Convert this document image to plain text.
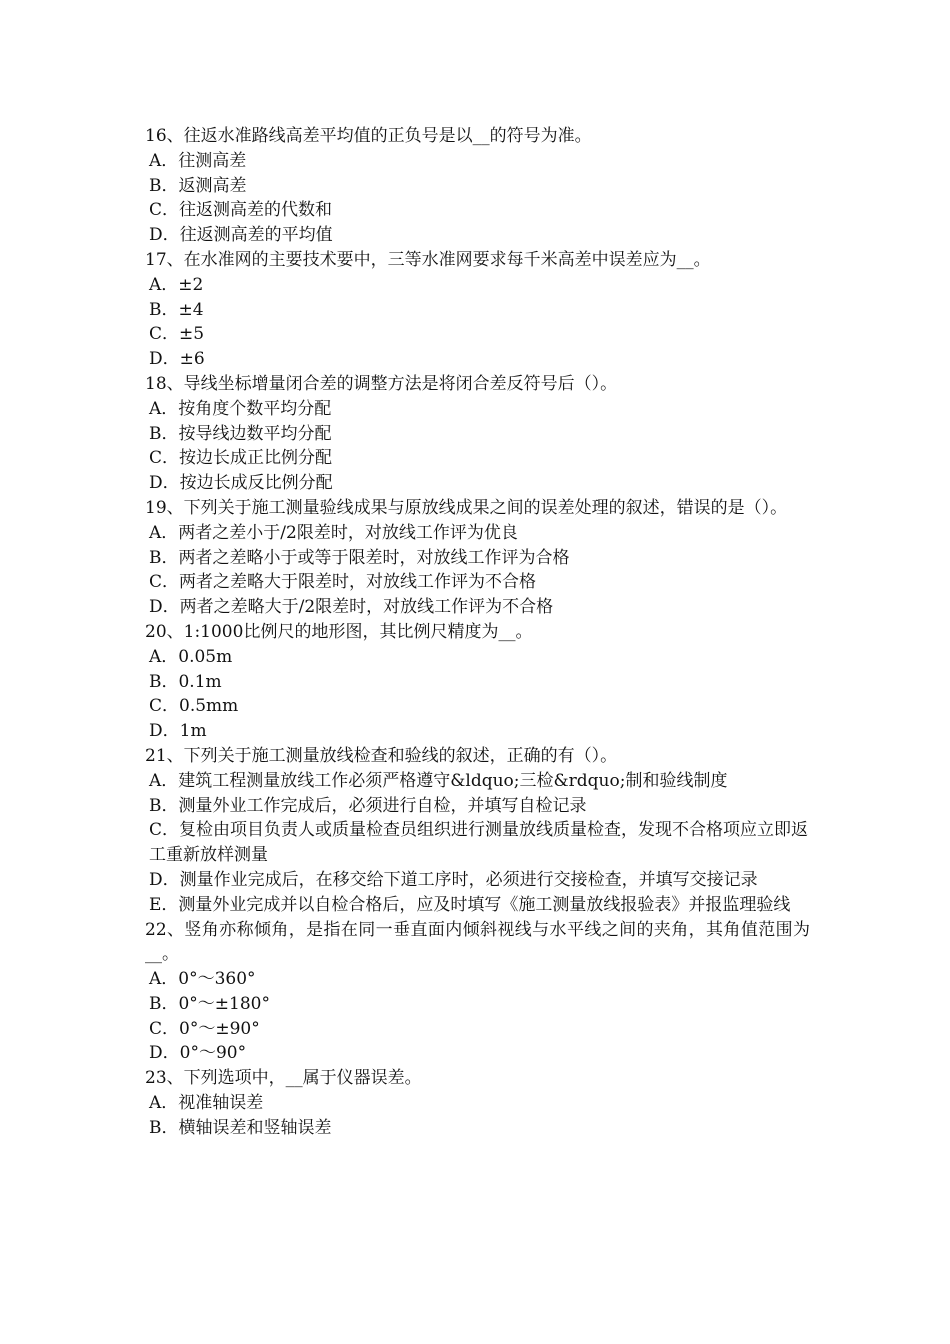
16、往返水准路线高差平均值的正负号是以__的符号为准。

A．往测高差

B．返测高差

C．往返测高差的代数和

D．往返测高差的平均值

17、在水准网的主要技术要中，三等水准网要求每千米高差中误差应为__。

A．±2

B．±4

C．±5

D．±6

18、导线坐标增量闭合差的调整方法是将闭合差反符号后（）。

A．按角度个数平均分配

B．按导线边数平均分配

C．按边长成正比例分配

D．按边长成反比例分配

19、下列关于施工测量验线成果与原放线成果之间的误差处理的叙述，错误的是（）。

A．两者之差小于/2限差时，对放线工作评为优良

B．两者之差略小于或等于限差时，对放线工作评为合格

C．两者之差略大于限差时，对放线工作评为不合格

D．两者之差略大于/2限差时，对放线工作评为不合格

20、1:1000比例尺的地形图，其比例尺精度为__。

A．0.05m

B．0.1m

C．0.5mm

D．1m

21、下列关于施工测量放线检查和验线的叙述，正确的有（）。

A．建筑工程测量放线工作必须严格遵守&ldquo;三检&rdquo;制和验线制度

B．测量外业工作完成后，必须进行自检，并填写自检记录

C．复检由项目负责人或质量检查员组织进行测量放线质量检查，发现不合格项应立即返工重新放样测量

D．测量作业完成后，在移交给下道工序时，必须进行交接检查，并填写交接记录

E．测量外业完成并以自检合格后，应及时填写《施工测量放线报验表》并报监理验线

22、竖角亦称倾角，是指在同一垂直面内倾斜视线与水平线之间的夹角，其角值范围为__。

A．0°～360°

B．0°～±180°

C．0°～±90°

D．0°～90°

23、下列选项中，__属于仪器误差。

A．视准轴误差

B．横轴误差和竖轴误差
